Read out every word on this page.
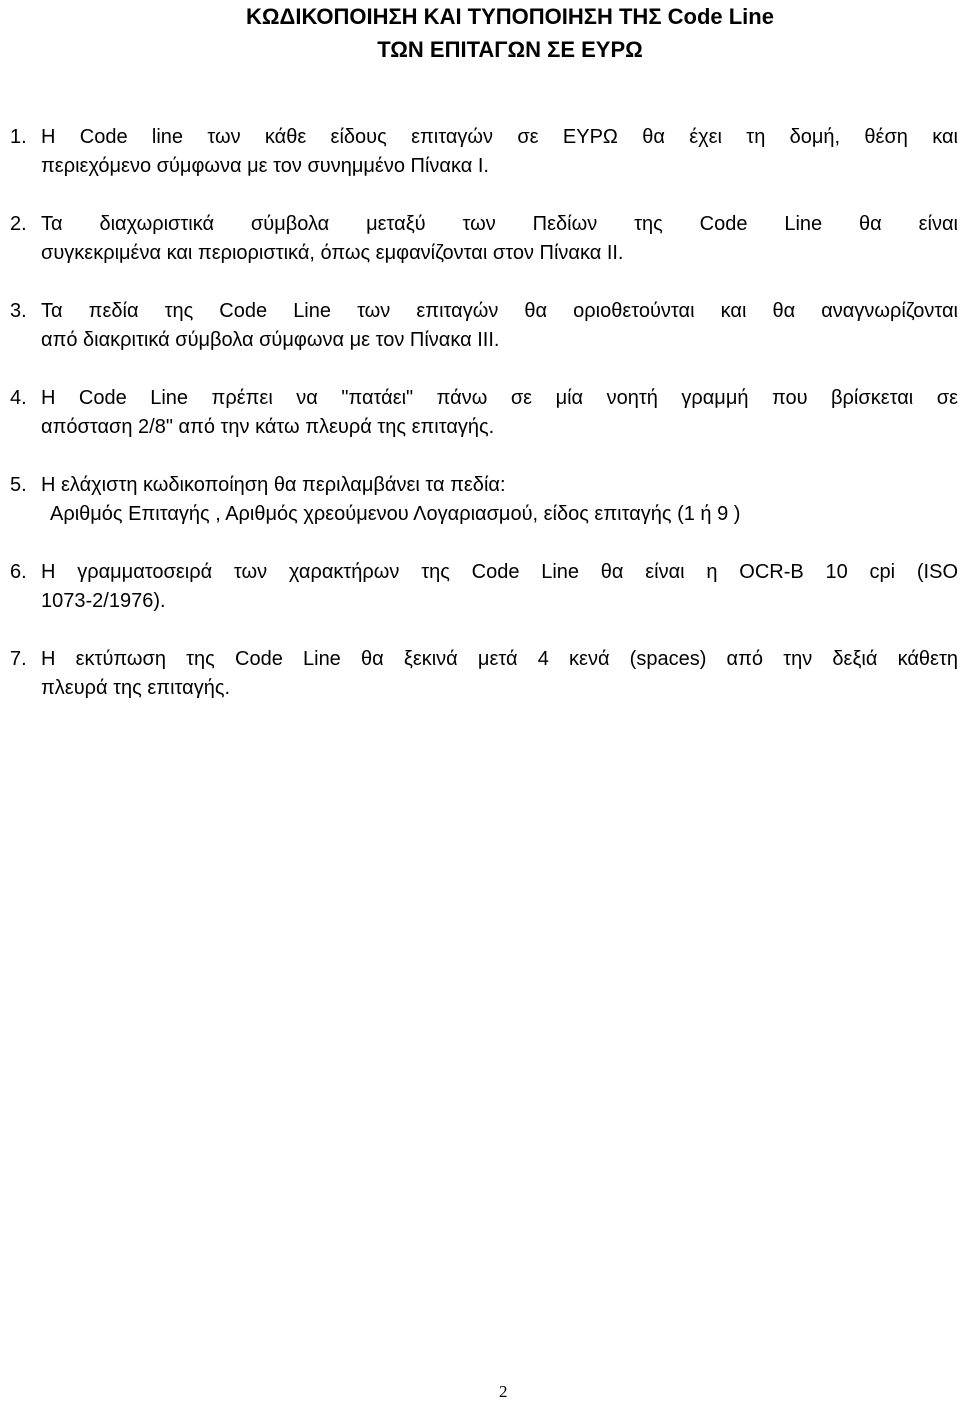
ΚΩΔΙΚΟΠΟΙΗΣΗ ΚΑΙ ΤΥΠΟΠΟΙΗΣΗ ΤΗΣ Code Line
ΤΩΝ ΕΠΙΤΑΓΩΝ ΣΕ ΕΥΡΩ
1. Η Code line των κάθε είδους επιταγών σε ΕΥΡΩ θα έχει τη δομή, θέση και
περιεχόμενο σύμφωνα με τον συνημμένο Πίνακα Ι.
2. Τα διαχωριστικά σύμβολα μεταξύ των Πεδίων της Code Line θα είναι
συγκεκριμένα και περιοριστικά, όπως εμφανίζονται στον Πίνακα ΙΙ.
3. Τα πεδία της Code Line των επιταγών θα οριοθετούνται και θα αναγνωρίζονται
από διακριτικά σύμβολα σύμφωνα με τον Πίνακα ΙΙΙ.
4. Η Code Line πρέπει να "πατάει" πάνω σε μία νοητή γραμμή που βρίσκεται σε
απόσταση 2/8" από την κάτω πλευρά της επιταγής.
5. Η ελάχιστη κωδικοποίηση θα περιλαμβάνει τα πεδία:
Αριθμός Επιταγής , Αριθμός χρεούμενου Λογαριασμού, είδος επιταγής (1 ή 9 )
6. Η γραμματοσειρά των χαρακτήρων της Code Line θα είναι η OCR-B 10 cpi (ISO
1073-2/1976).
7. Η εκτύπωση της Code Line θα ξεκινά μετά 4 κενά (spaces) από την δεξιά κάθετη
πλευρά της επιταγής.
2
